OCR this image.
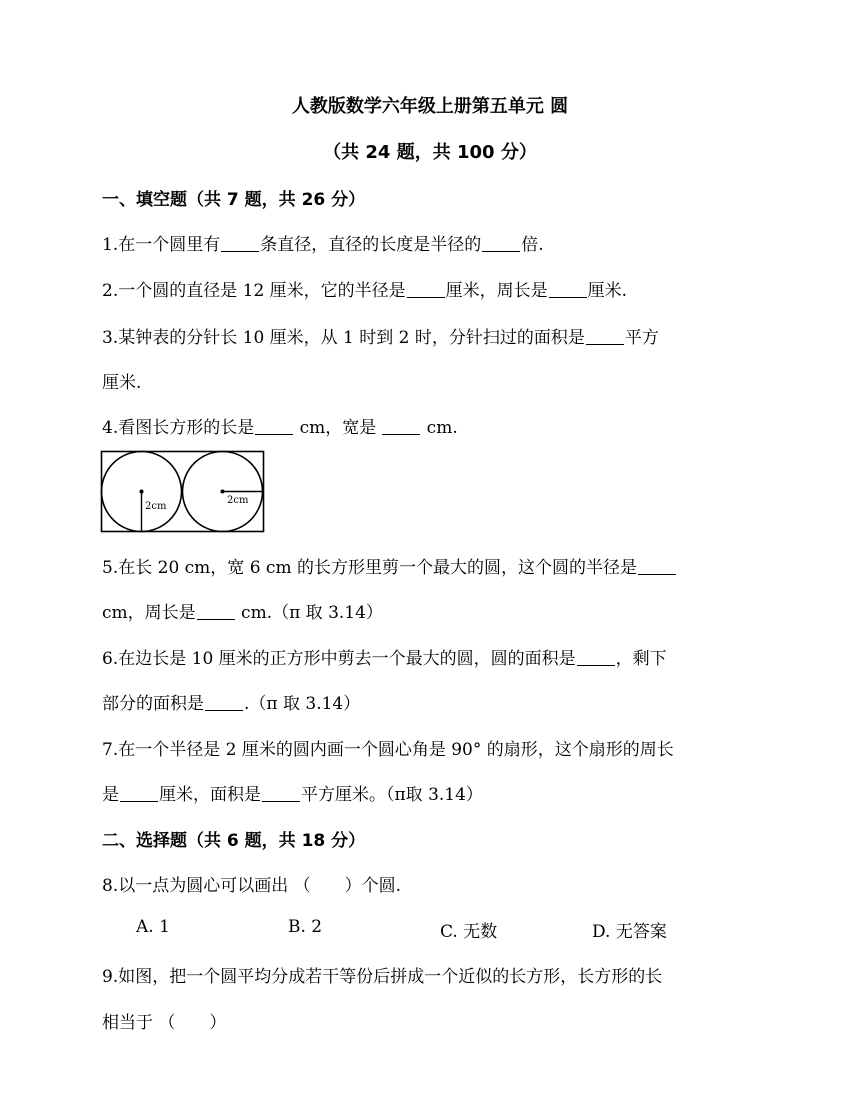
人教版数学六年级上册第五单元 圆
（共 24 题，共 100 分）
一、填空题（共 7 题，共 26 分）
1.在一个圆里有 条直径，直径的长度是半径的 倍.
2.一个圆的直径是 12 厘米，它的半径是 厘米，周长是 厘米.
3.某钟表的分针长 10 厘米，从 1 时到 2 时，分针扫过的面积是 平方
厘米.
4.看图长方形的长是 cm，宽是	cm.
2cm
2cm
5.在长 20 cm，宽 6 cm 的长方形里剪一个最大的圆，这个圆的半径是
cm，周长是 cm.（π 取 3.14）
6.在边长是 10 厘米的正方形中剪去一个最大的圆，圆的面积是 ，剩下
部分的面积是 .（π 取 3.14）
7.在一个半径是 2 厘米的圆内画一个圆心角是 90° 的扇形，这个扇形的周长
是 厘米，面积是 平方厘米。（π取 3.14）
二、选择题（共 6 题，共 18 分）
8.以一点为圆心可以画出 （　　）个圆.
A. 1	B. 2	C. 无数	D. 无答案
9.如图，把一个圆平均分成若干等份后拼成一个近似的长方形，长方形的长
相当于 （　　）
